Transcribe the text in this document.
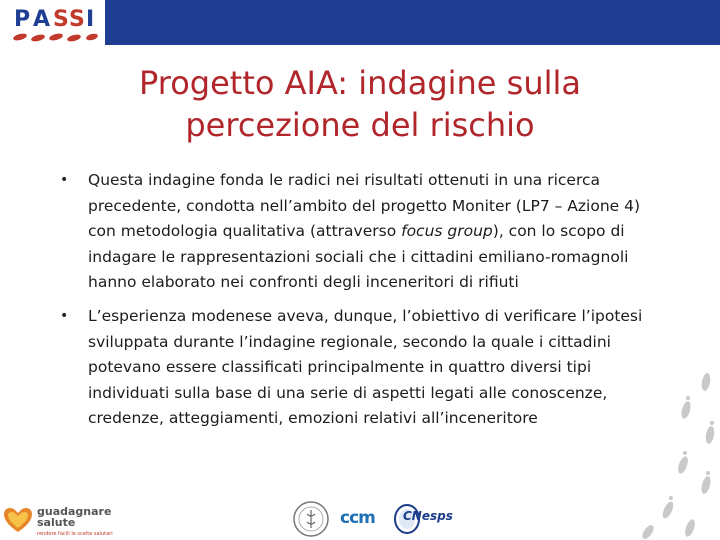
P A S S I
Progetto AIA: indagine sulla
percezione del rischio
• Questa indagine fonda le radici nei risultati ottenuti in una ricerca precedente, condotta nell’ambito del progetto Moniter (LP7 – Azione 4) con metodologia qualitativa (attraverso focus group), con lo scopo di indagare le rappresentazioni sociali che i cittadini emiliano-romagnoli hanno elaborato nei confronti degli inceneritori di rifiuti
• L’esperienza modenese aveva, dunque, l’obiettivo di verificare l’ipotesi sviluppata durante l’indagine regionale, secondo la quale i cittadini potevano essere classificati principalmente in quattro diversi tipi individuati sulla base di una serie di aspetti legati alle conoscenze, credenze, atteggiamenti, emozioni relativi all’inceneritore
guadagnare
salute
rendere facili le scelte salutari
ccm CNesps
